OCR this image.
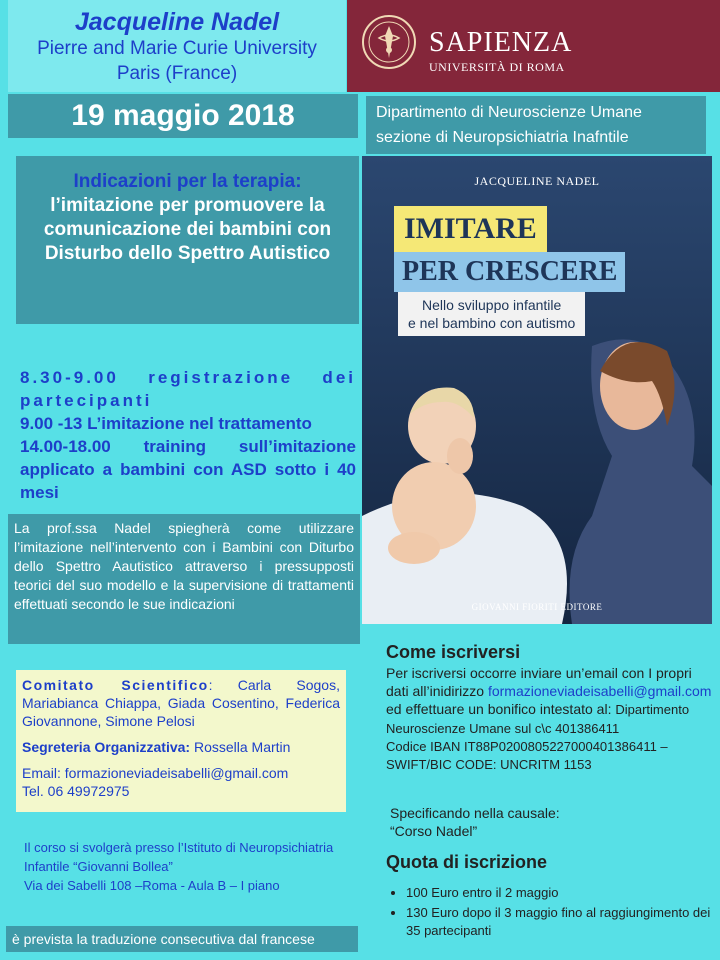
Jacqueline Nadel
Pierre and Marie Curie University
Paris (France)
SAPIENZA
UNIVERSITÀ DI ROMA
19 maggio 2018	Dipartimento di Neuroscienze Umane
sezione di Neuropsichiatria Inafntile
Indicazioni per la terapia:
l’imitazione per promuovere la comunicazione dei bambini con Disturbo dello Spettro Autistico
8.30-9.00 registrazione dei partecipanti
9.00 -13 L’imitazione nel trattamento
14.00-18.00 training sull’imitazione applicato a bambini con ASD sotto i 40 mesi
La prof.ssa Nadel spiegherà come utilizzare l’imitazione nell’intervento con i Bambini con Diturbo dello Spettro Aautistico attraverso i pressupposti teorici del suo modello e la supervisione di trattamenti effettuati secondo le sue indicazioni
JACQUELINE NADEL
IMITARE
PER CRESCERE
Nello sviluppo infantile
e nel bambino con autismo
GIOVANNI FIORITI EDITORE
Comitato Scientifico: Carla Sogos, Mariabianca Chiappa, Giada Cosentino, Federica Giovannone, Simone Pelosi
Segreteria Organizzativa: Rossella Martin
Email: formazioneviadeisabelli@gmail.com
Tel. 06 49972975
Il corso si svolgerà presso l’Istituto di Neuropsichiatria
Infantile “Giovanni Bollea”
Via dei Sabelli 108 –Roma - Aula B – I piano
è prevista la traduzione consecutiva dal francese
Come iscriversi
Per iscriversi occorre inviare un’email con I propri dati all’inidirizzo formazioneviadeisabelli@gmail.com ed effettuare un bonifico intestato al: Dipartimento Neuroscienze Umane sul c\c 401386411
Codice IBAN IT88P0200805227000401386411 –
SWIFT/BIC CODE: UNCRITM 1153
Specificando nella causale:
“Corso Nadel”
Quota di iscrizione
• 100 Euro entro il 2 maggio
• 130 Euro dopo il 3 maggio fino al raggiungimento dei 35 partecipanti
